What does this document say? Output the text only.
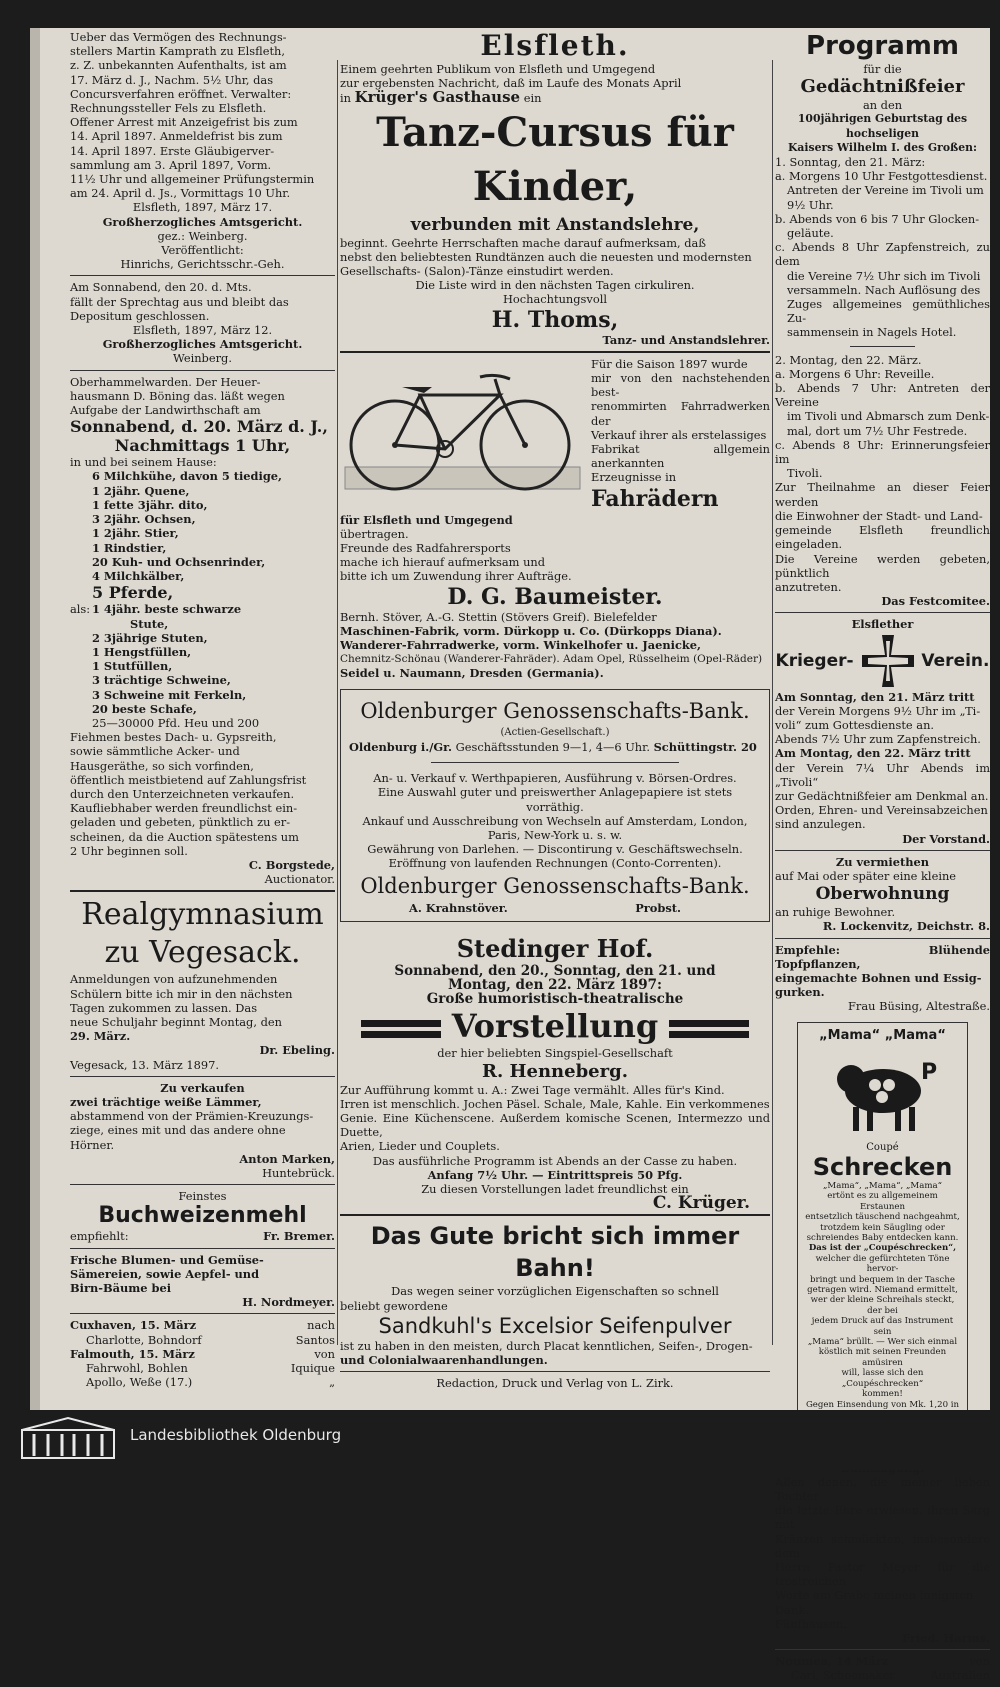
Ueber das Vermögen des Rechnungs-

stellers Martin Kamprath zu Elsfleth,

z. Z. unbekannten Aufenthalts, ist am

17. März d. J., Nachm. 5½ Uhr, das

Concursverfahren eröffnet. Verwalter:

Rechnungssteller Fels zu Elsfleth.

Offener Arrest mit Anzeigefrist bis zum

14. April 1897. Anmeldefrist bis zum

14. April 1897. Erste Gläubigerver-

sammlung am 3. April 1897, Vorm.

11½ Uhr und allgemeiner Prüfungstermin

am 24. April d. Js., Vormittags 10 Uhr.

Elsfleth, 1897, März 17.

Großherzogliches Amtsgericht.

gez.: Weinberg.

Veröffentlicht:

Hinrichs, Gerichtsschr.-Geh.

Am Sonnabend, den 20. d. Mts.

fällt der Sprechtag aus und bleibt das

Depositum geschlossen.

Elsfleth, 1897, März 12.

Großherzogliches Amtsgericht.

Weinberg.

Oberhammelwarden. Der Heuer-

hausmann D. Böning das. läßt wegen

Aufgabe der Landwirthschaft am

Sonnabend, d. 20. März d. J.,

Nachmittags 1 Uhr,

in und bei seinem Hause:

6 Milchkühe, davon 5 tiedige,

1 2jähr. Quene,

1 fette 3jähr. dito,

3 2jähr. Ochsen,

1 2jähr. Stier,

1 Rindstier,

20 Kuh- und Ochsenrinder,

4 Milchkälber,

5 Pferde,

als: 1 4jähr. beste schwarze

Stute,

2 3jährige Stuten,

1 Hengstfüllen,

1 Stutfüllen,

3 trächtige Schweine,

3 Schweine mit Ferkeln,

20 beste Schafe,

25—30000 Pfd. Heu und 200

Fiehmen bestes Dach- u. Gypsreith,

sowie sämmtliche Acker- und

Hausgeräthe, so sich vorfinden,

öffentlich meistbietend auf Zahlungsfrist

durch den Unterzeichneten verkaufen.

Kaufliebhaber werden freundlichst ein-

geladen und gebeten, pünktlich zu er-

scheinen, da die Auction spätestens um

2 Uhr beginnen soll.

C. Borgstede,

Auctionator.

Realgymnasium

zu Vegesack.

Anmeldungen von aufzunehmenden

Schülern bitte ich mir in den nächsten

Tagen zukommen zu lassen. Das

neue Schuljahr beginnt Montag, den

29. März.

Dr. Ebeling.

Vegesack, 13. März 1897.

Zu verkaufen

zwei trächtige weiße Lämmer,

abstammend von der Prämien-Kreuzungs-

ziege, eines mit und das andere ohne

Hörner.

Anton Marken,

Huntebrück.

Feinstes

Buchweizenmehl

empfiehlt:	Fr. Bremer.

Frische Blumen- und Gemüse-

Sämereien, sowie Aepfel- und

Birn-Bäume bei

H. Nordmeyer.

Cuxhaven, 15. März	nach

Charlotte, Bohndorf	Santos

Falmouth, 15. März	von

Fahrwohl, Bohlen	Iquique

Apollo, Weße (17.)	„

Elsfleth.

Einem geehrten Publikum von Elsfleth und Umgegend

zur ergebensten Nachricht, daß im Laufe des Monats April

in Krüger's Gasthause ein

Tanz-Cursus für Kinder,

verbunden mit Anstandslehre,

beginnt. Geehrte Herrschaften mache darauf aufmerksam, daß

nebst den beliebtesten Rundtänzen auch die neuesten und modernsten

Gesellschafts- (Salon)-Tänze einstudirt werden.

Die Liste wird in den nächsten Tagen cirkuliren.

Hochachtungsvoll

H. Thoms,

Tanz- und Anstandslehrer.

Für die Saison 1897 wurde

mir von den nachstehenden best-

renommirten Fahrradwerken der

Verkauf ihrer als erstelassiges

Fabrikat allgemein anerkannten

Erzeugnisse in

Fahrädern

für Elsfleth und Umgegend

übertragen.

Freunde des Radfahrersports

mache ich hierauf aufmerksam und

bitte ich um Zuwendung ihrer Aufträge.

D. G. Baumeister.

Bernh. Stöver, A.-G. Stettin (Stövers Greif). Bielefelder

Maschinen-Fabrik, vorm. Dürkopp u. Co. (Dürkopps Diana).

Wanderer-Fahrradwerke, vorm. Winkelhofer u. Jaenicke,

Chemnitz-Schönau (Wanderer-Fahräder). Adam Opel, Rüsselheim (Opel-Räder)

Seidel u. Naumann, Dresden (Germania).

Oldenburger Genossenschafts-Bank.

(Actien-Gesellschaft.)

Oldenburg i./Gr. Geschäftsstunden 9—1, 4—6 Uhr. Schüttingstr. 20

An- u. Verkauf v. Werthpapieren, Ausführung v. Börsen-Ordres.

Eine Auswahl guter und preiswerther Anlagepapiere ist stets vorräthig.

Ankauf und Ausschreibung von Wechseln auf Amsterdam, London,

Paris, New-York u. s. w.

Gewährung von Darlehen. — Discontirung v. Geschäftswechseln.

Eröffnung von laufenden Rechnungen (Conto-Correnten).

Oldenburger Genossenschafts-Bank.

A. Krahnstöver.	Probst.

Stedinger Hof.

Sonnabend, den 20., Sonntag, den 21. und

Montag, den 22. März 1897:

Große humoristisch-theatralische

Vorstellung

der hier beliebten Singspiel-Gesellschaft

R. Henneberg.

Zur Aufführung kommt u. A.: Zwei Tage vermählt. Alles für's Kind.

Irren ist menschlich. Jochen Päsel. Schale, Male, Kahle. Ein verkommenes

Genie. Eine Küchenscene. Außerdem komische Scenen, Intermezzo und Duette,

Arien, Lieder und Couplets.

Das ausführliche Programm ist Abends an der Casse zu haben.

Anfang 7½ Uhr. — Eintrittspreis 50 Pfg.

Zu diesen Vorstellungen ladet freundlichst ein

C. Krüger.

Das Gute bricht sich immer Bahn!

Das wegen seiner vorzüglichen Eigenschaften so schnell

beliebt gewordene

Sandkuhl's Excelsior Seifenpulver

ist zu haben in den meisten, durch Placat kenntlichen, Seifen-, Drogen-

und Colonialwaarenhandlungen.

Redaction, Druck und Verlag von L. Zirk.

Programm

für die

Gedächtnißfeier

an den

100jährigen Geburtstag des hochseligen

Kaisers Wilhelm I. des Großen:

1. Sonntag, den 21. März:

a. Morgens 10 Uhr Festgottesdienst.

Antreten der Vereine im Tivoli um

9½ Uhr.

b. Abends von 6 bis 7 Uhr Glocken-

geläute.

c. Abends 8 Uhr Zapfenstreich, zu dem

die Vereine 7½ Uhr sich im Tivoli

versammeln. Nach Auflösung des

Zuges allgemeines gemüthliches Zu-

sammensein in Nagels Hotel.

2. Montag, den 22. März.

a. Morgens 6 Uhr: Reveille.

b. Abends 7 Uhr: Antreten der Vereine

im Tivoli und Abmarsch zum Denk-

mal, dort um 7½ Uhr Festrede.

c. Abends 8 Uhr: Erinnerungsfeier im

Tivoli.

Zur Theilnahme an dieser Feier werden

die Einwohner der Stadt- und Land-

gemeinde Elsfleth freundlich eingeladen.

Die Vereine werden gebeten, pünktlich

anzutreten.

Das Festcomitee.

Elsflether

Krieger-	Verein.

Am Sonntag, den 21. März tritt

der Verein Morgens 9½ Uhr im „Ti-

voli“ zum Gottesdienste an.

Abends 7½ Uhr zum Zapfenstreich.

Am Montag, den 22. März tritt

der Verein 7¼ Uhr Abends im „Tivoli“

zur Gedächtnißfeier am Denkmal an.

Orden, Ehren- und Vereinsabzeichen

sind anzulegen.

Der Vorstand.

Zu vermiethen

auf Mai oder später eine kleine

Oberwohnung

an ruhige Bewohner.

R. Lockenvitz, Deichstr. 8.

Empfehle: Blühende Topfpflanzen,

eingemachte Bohnen und Essig-

gurken.

Frau Büsing, Altestraße.

„Mama“ „Mama“

P

Coupé

Schrecken

„Mama“, „Mama“, „Mama“

ertönt es zu allgemeinem Erstaunen

entsetzlich täuschend nachgeahmt,

trotzdem kein Säugling oder

schreiendes Baby entdecken kann.

Das ist der „Coupéschrecken“,

welcher die gefürchteten Töne hervor-

bringt und bequem in der Tasche

getragen wird. Niemand ermittelt,

wer der kleine Schreihals steckt, der bei

jedem Druck auf das Instrument sein

„Mama“ brüllt. — Wer sich einmal

köstlich mit seinen Freunden amüsiren

will, lasse sich den „Coupéschrecken“

kommen!

Gegen Einsendung von Mk. 1,20 in

Allen denen, die meiner lieben Tochter

die letzte Ehre erwiesen, ihren Sarg mit

Kränzen schmückten, insbesondere dem

Herrn Pastor Meyer für die trostreichen

Worte am Grabe meinen innigsten

Dank.

Fünfhausen.

Fried. Harms.

Noumea, 14 März	von

Carl, Schoemaker	Australien

Landesbibliothek Oldenburg
